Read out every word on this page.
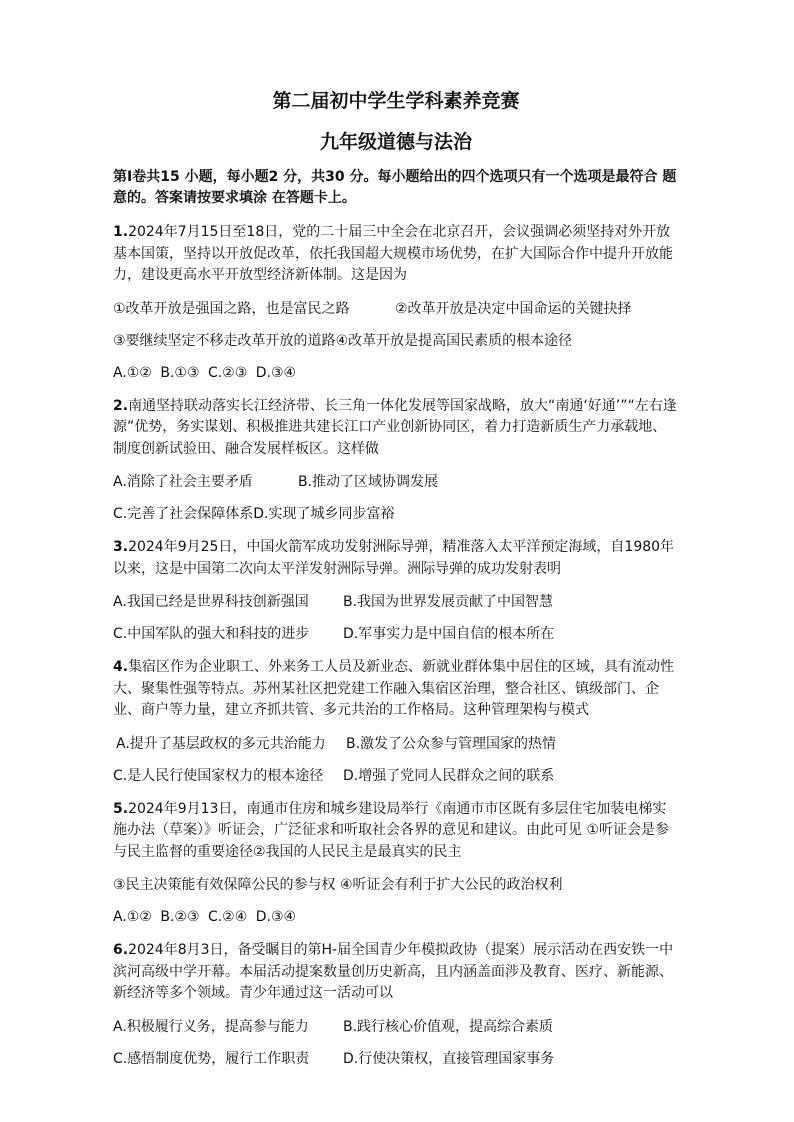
第二届初中学生学科素养竞赛
九年级道德与法治

第Ⅰ卷共15 小题，每小题2 分，共30 分。每小题给出的四个选项只有一个选项是最符合 题意的。答案请按要求填涂 在答题卡上。

1.2024年7月15日至18日，党的二十届三中全会在北京召开，会议强调必须坚持对外开放基本国策，坚持以开放促改革，依托我国超大规模市场优势，在扩大国际合作中提升开放能力，建设更高水平开放型经济新体制。这是因为

①改革开放是强国之路，也是富民之路	②改革开放是决定中国命运的关键抉择
③要继续坚定不移走改革开放的道路 ④改革开放是提高国民素质的根本途径
A.①② B.①③ C.②③ D.③④

2.南通坚持联动落实长江经济带、长三角一体化发展等国家战略，放大“南通‘好通’”“左右逢源”优势，务实谋划、积极推进共建长江口产业创新协同区，着力打造新质生产力承载地、制度创新试验田、融合发展样板区。这样做

A.消除了社会主要矛盾	B.推动了区域协调发展
C.完善了社会保障体系 D.实现了城乡同步富裕

3.2024年9月25日，中国火箭军成功发射洲际导弹，精准落入太平洋预定海域，自1980年以来，这是中国第二次向太平洋发射洲际导弹。洲际导弹的成功发射表明

A.我国已经是世界科技创新强国	B.我国为世界发展贡献了中国智慧
C.中国军队的强大和科技的进步	D.军事实力是中国自信的根本所在

4.集宿区作为企业职工、外来务工人员及新业态、新就业群体集中居住的区域，具有流动性大、聚集性强等特点。苏州某社区把党建工作融入集宿区治理，整合社区、镇级部门、企业、商户等力量，建立齐抓共管、多元共治的工作格局。这种管理架构与模式

A.提升了基层政权的多元共治能力	B.激发了公众参与管理国家的热情
C.是人民行使国家权力的根本途径	D.增强了党同人民群众之间的联系

5.2024年9月13日，南通市住房和城乡建设局举行《南通市市区既有多层住宅加装电梯实施办法（草案）》听证会，广泛征求和听取社会各界的意见和建议。由此可见 ①听证会是参与民主监督的重要途径②我国的人民民主是最真实的民主

③民主决策能有效保障公民的参与权 ④听证会有利于扩大公民的政治权利
A.①② B.②③ C.②④ D.③④

6.2024年8月3日，备受瞩目的第H-届全国青少年模拟政协（提案）展示活动在西安铁一中滨河高级中学开幕。本届活动提案数量创历史新高，且内涵盖面涉及教育、医疗、新能源、新经济等多个领域。青少年通过这一活动可以

A.积极履行义务，提高参与能力	B.践行核心价值观，提高综合素质
C.感悟制度优势，履行工作职责	D.行使决策权，直接管理国家事务
